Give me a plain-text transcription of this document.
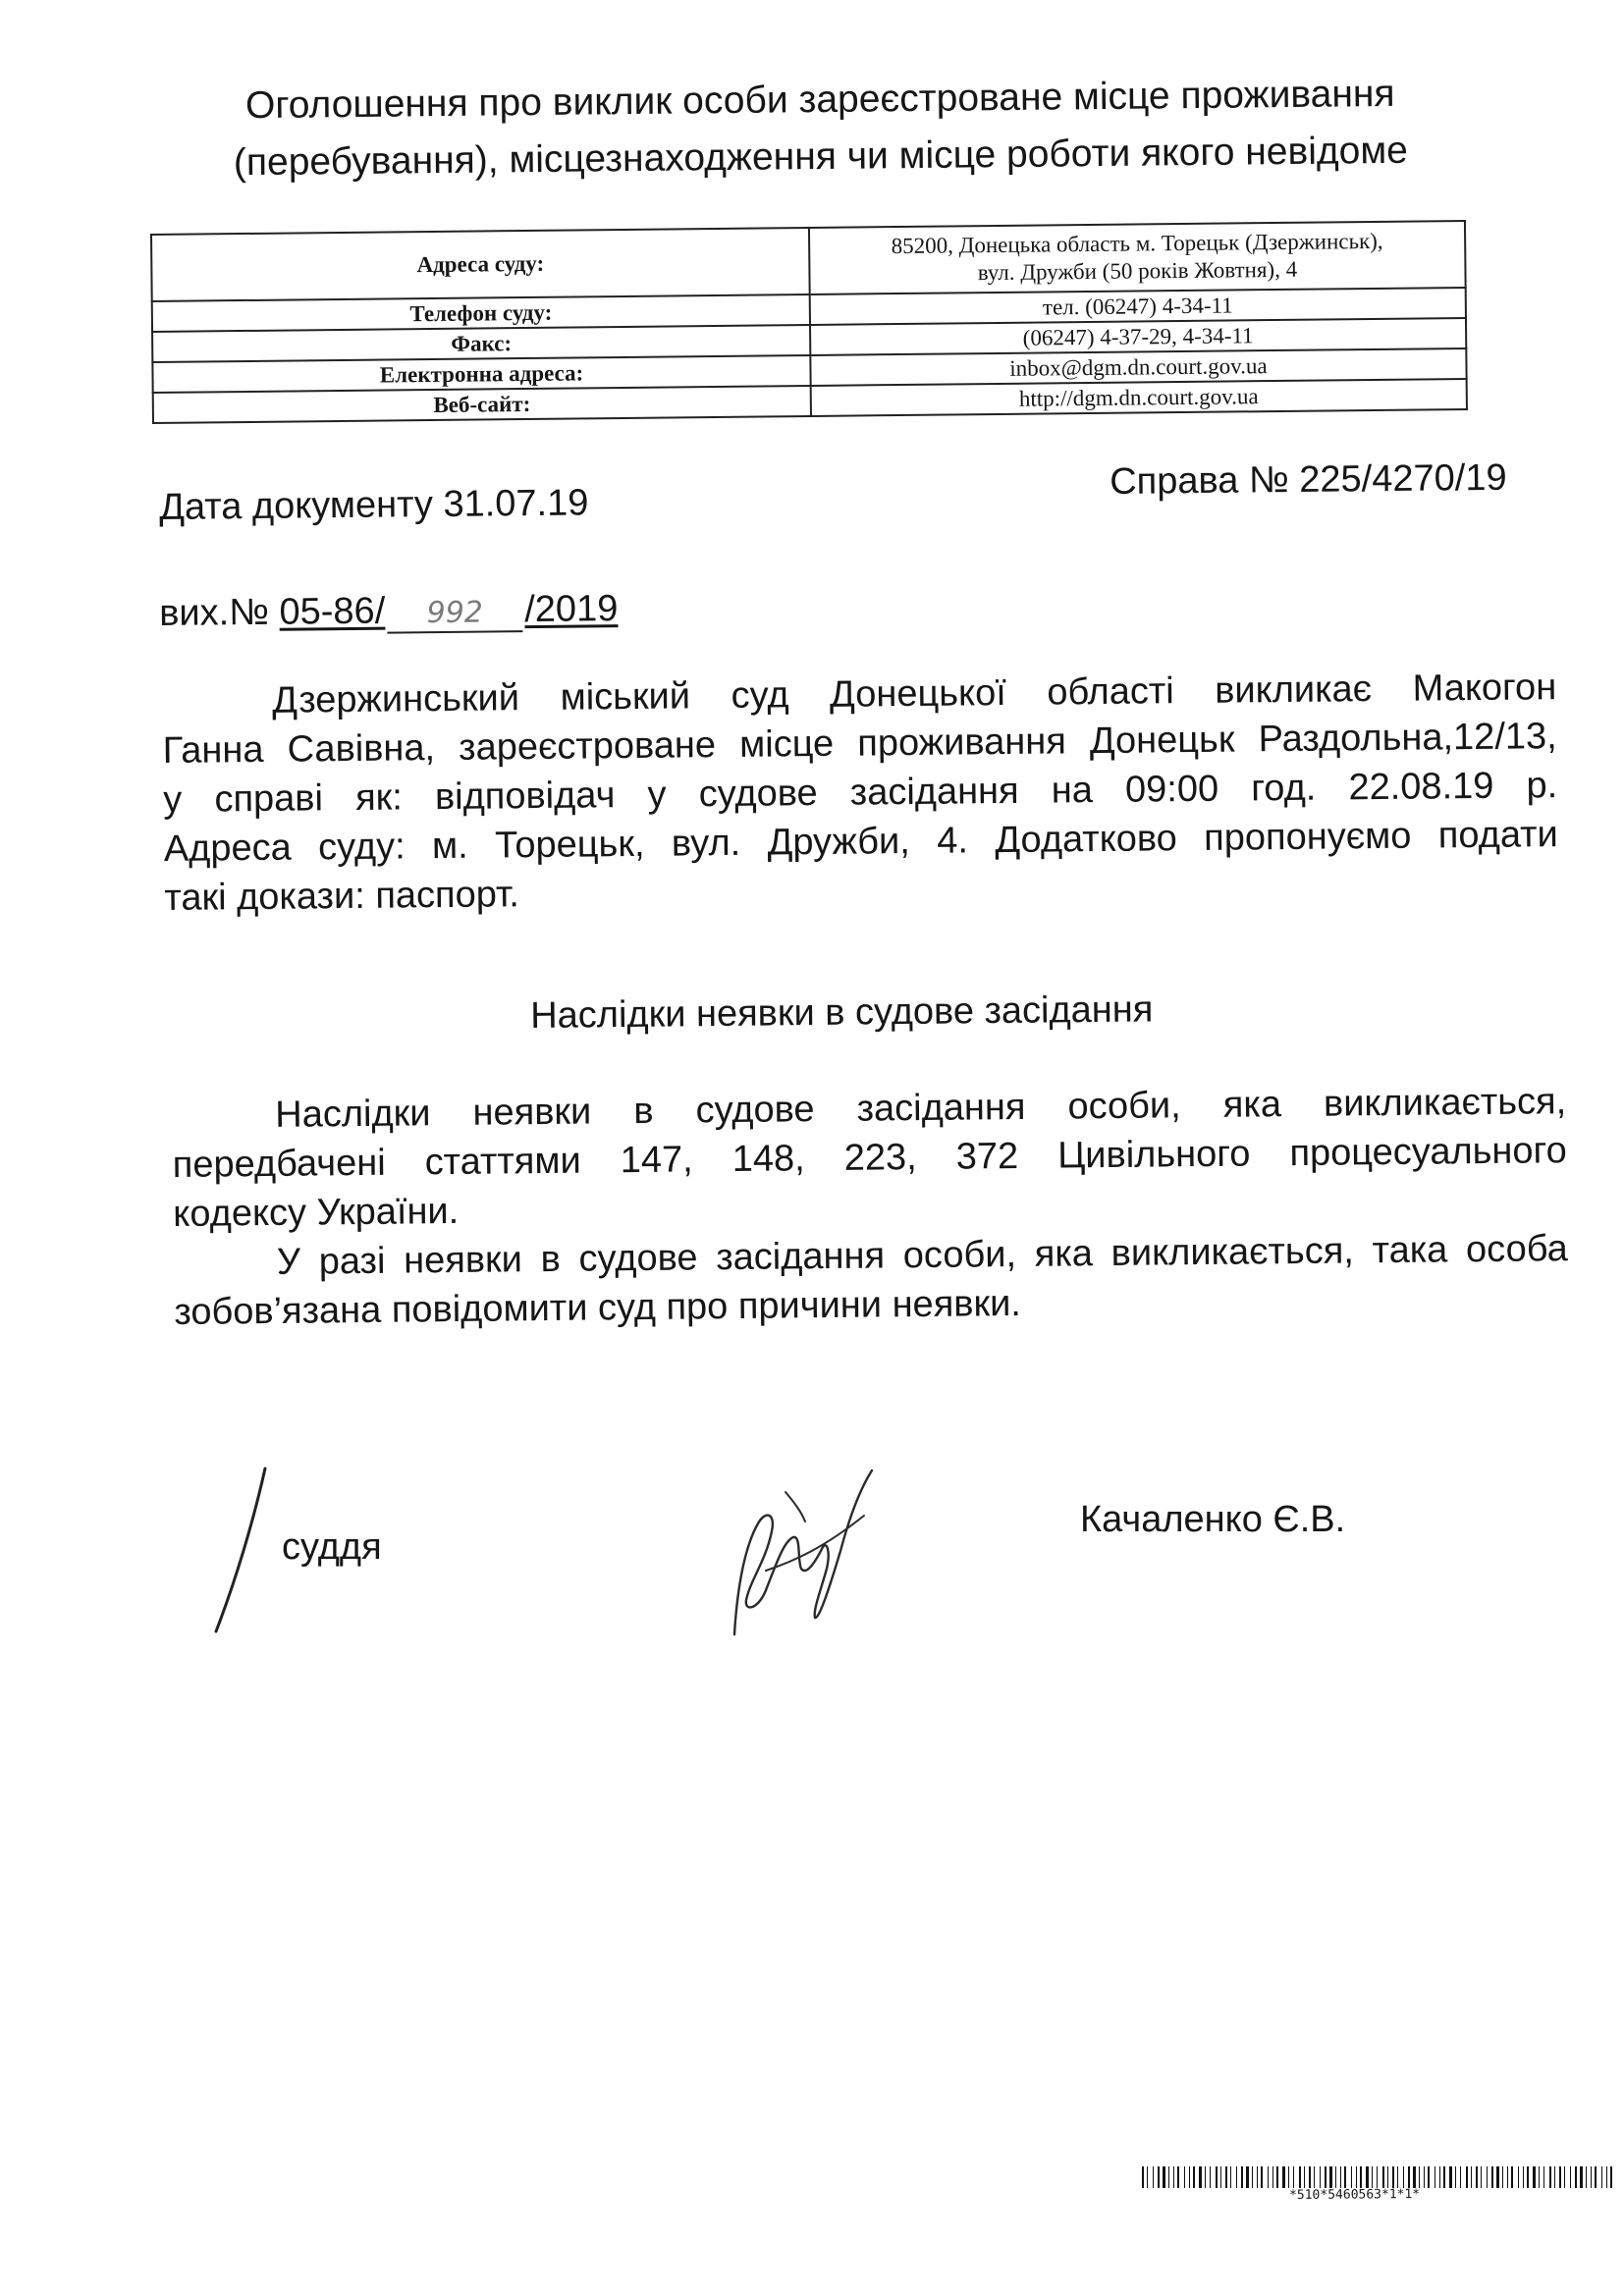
Оголошення про виклик особи зареєстроване місце проживання
(перебування), місцезнаходження чи місце роботи якого невідоме
Адреса суду:	85200, Донецька область м. Торецьк (Дзержинськ),
вул. Дружби (50 років Жовтня), 4

Телефон суду:	тел. (06247) 4-34-11
Факс:	(06247) 4-37-29, 4-34-11
Електронна адреса:	inbox@dgm.dn.court.gov.ua
Веб-сайт:	http://dgm.dn.court.gov.ua
Дата документу 31.07.19
Справа № 225/4270/19
вих.№ 05-86/ 992 /2019
Дзержинський міський суд Донецької області викликає Макогон
Ганна Савівна, зареєстроване місце проживання Донецьк Раздольна,12/13,
у справі як: відповідач у судове засідання на 09:00 год. 22.08.19 р.
Адреса суду: м. Торецьк, вул. Дружби, 4. Додатково пропонуємо подати
такі докази: паспорт.
Наслідки неявки в судове засідання
Наслідки неявки в судове засідання особи, яка викликається,
передбачені статтями 147, 148, 223, 372 Цивільного процесуального
кодексу України.
У разі неявки в судове засідання особи, яка викликається, така особа
зобов’язана повідомити суд про причини неявки.
суддя
Качаленко Є.В.
*510*5460563*1*1*
